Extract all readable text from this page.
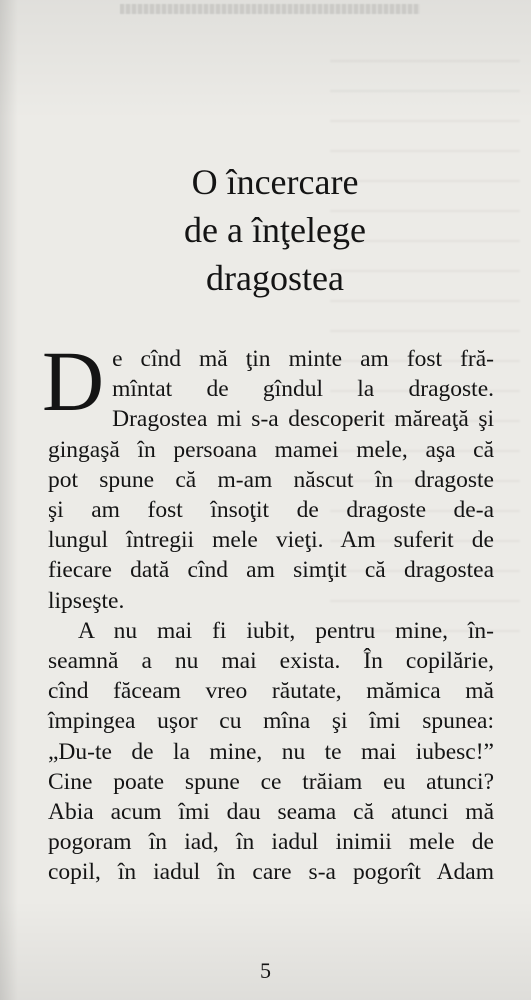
O încercare
de a înţelege
dragostea
D e cînd mă ţin minte am fost fră-
mîntat de gîndul la dragoste.
Dragostea mi s-a descoperit măreaţă şi
gingaşă în persoana mamei mele, aşa că
pot spune că m-am născut în dragoste
şi am fost însoţit de dragoste de-a
lungul întregii mele vieţi. Am suferit de
fiecare dată cînd am simţit că dragostea
lipseşte.
A nu mai fi iubit, pentru mine, în-
seamnă a nu mai exista. În copilărie,
cînd făceam vreo răutate, mămica mă
împingea uşor cu mîna şi îmi spunea:
„Du-te de la mine, nu te mai iubesc!”
Cine poate spune ce trăiam eu atunci?
Abia acum îmi dau seama că atunci mă
pogoram în iad, în iadul inimii mele de
copil, în iadul în care s-a pogorît Adam
5
